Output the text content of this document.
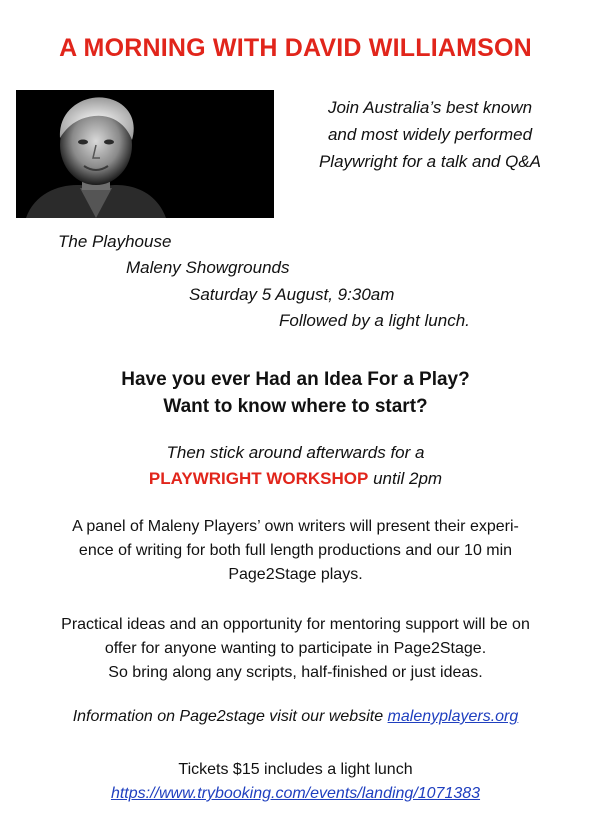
A MORNING WITH DAVID WILLIAMSON
Join Australia’s best known
and most widely performed
Playwright for a talk and Q&A
The Playhouse
Maleny Showgrounds
Saturday 5 August, 9:30am
Followed by a light lunch.
Have you ever Had an Idea For a Play?
Want to know where to start?
Then stick around afterwards for a
PLAYWRIGHT WORKSHOP until 2pm
A panel of Maleny Players’ own writers will present their experi-
ence of writing for both full length productions and our 10 min
Page2Stage plays.
Practical ideas and an opportunity for mentoring support will be on
offer for anyone wanting to participate in Page2Stage.
So bring along any scripts, half-finished or just ideas.
Information on Page2stage visit our website malenyplayers.org
Tickets $15 includes a light lunch
https://www.trybooking.com/events/landing/1071383
